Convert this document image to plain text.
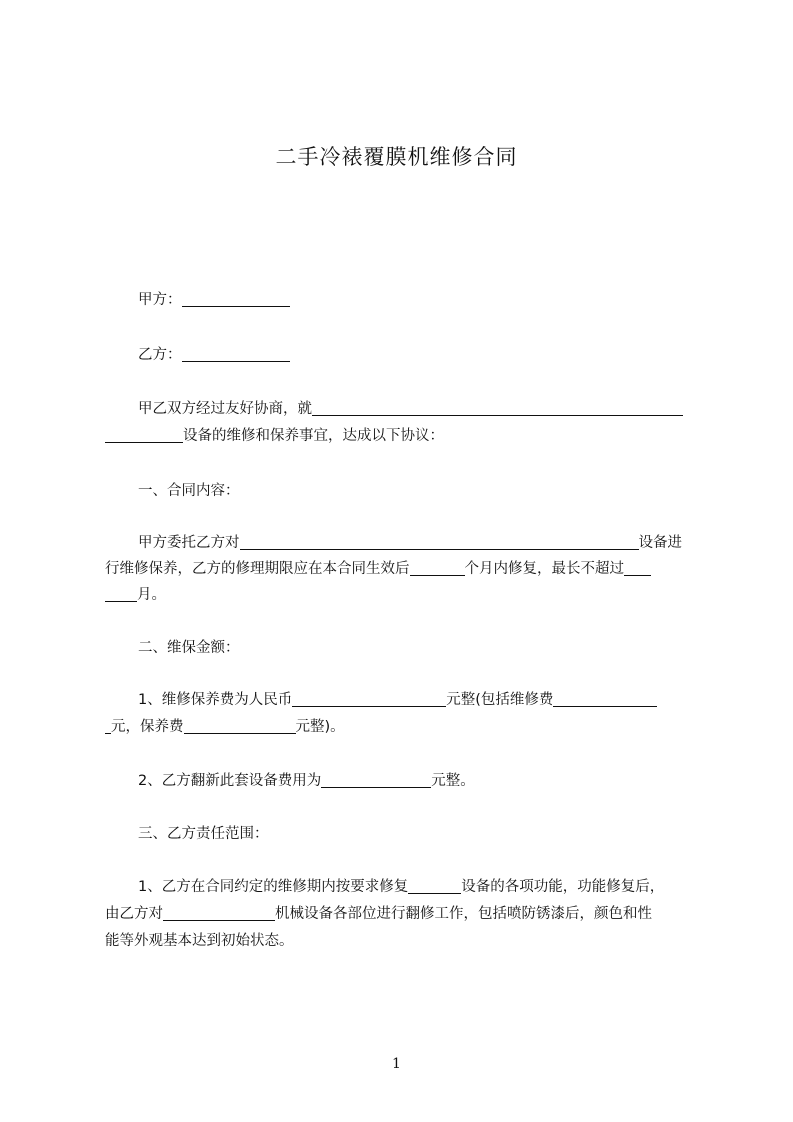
二手冷裱覆膜机维修合同

甲方：

乙方：

甲乙双方经过友好协商，就

设备的维修和保养事宜，达成以下协议：

一、合同内容：

甲方委托乙方对	设备进

行维修保养，乙方的修理期限应在本合同生效后	个月内修复，最长不超过

月。

二、维保金额：

1、维修保养费为人民币	元整(包括维修费

元，保养费	元整)。

2、乙方翻新此套设备费用为	元整。

三、乙方责任范围：

1、乙方在合同约定的维修期内按要求修复	设备的各项功能，功能修复后，

由乙方对	机械设备各部位进行翻修工作，包括喷防锈漆后，颜色和性

能等外观基本达到初始状态。

1
